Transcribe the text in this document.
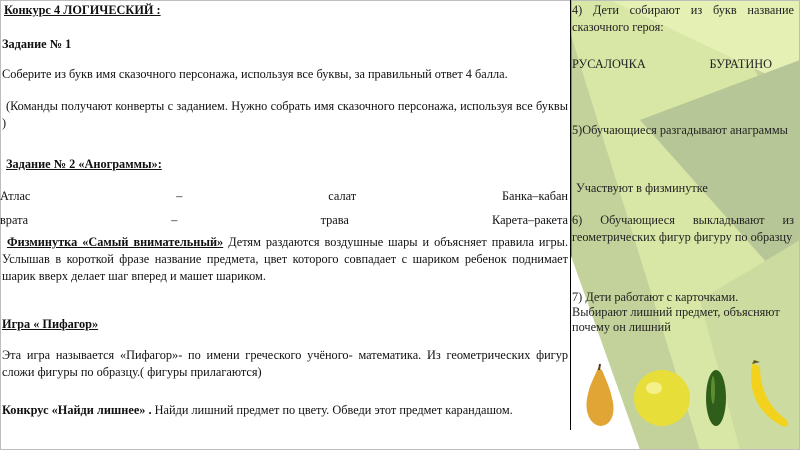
Конкурс 4 ЛОГИЧЕСКИЙ :

Задание № 1

Соберите из букв имя сказочного персонажа, используя все буквы, за правильный ответ 4 балла.

(Команды получают конверты с заданием. Нужно собрать имя сказочного персонажа, используя все буквы )

Задание № 2 «Анограммы»:

Атлас	–	салат	Банка–кабан
врата	–	трава	Карета–ракета

Физминутка «Самый внимательный» Детям раздаются воздушные шары и объясняет правила игры. Услышав в короткой фразе название предмета, цвет которого совпадает с шариком ребенок поднимает шарик вверх делает шаг вперед и машет шариком.

Игра « Пифагор»

Эта игра называется «Пифагор»- по имени греческого учёного- математика. Из геометрических фигур сложи фигуры по образцу.( фигуры прилагаются)

Конкрус «Найди лишнее» . Найди лишний предмет по цвету. Обведи этот предмет карандашом.

4) Дети собирают из букв название сказочного героя:

РУСАЛОЧКА	БУРАТИНО

5)Обучающиеся разгадывают анаграммы

Участвуют в физминутке

6) Обучающиеся выкладывают из геометрических фигур фигуру по образцу

7) Дети работают с карточками. Выбирают лишний предмет, объясняют почему он лишний
